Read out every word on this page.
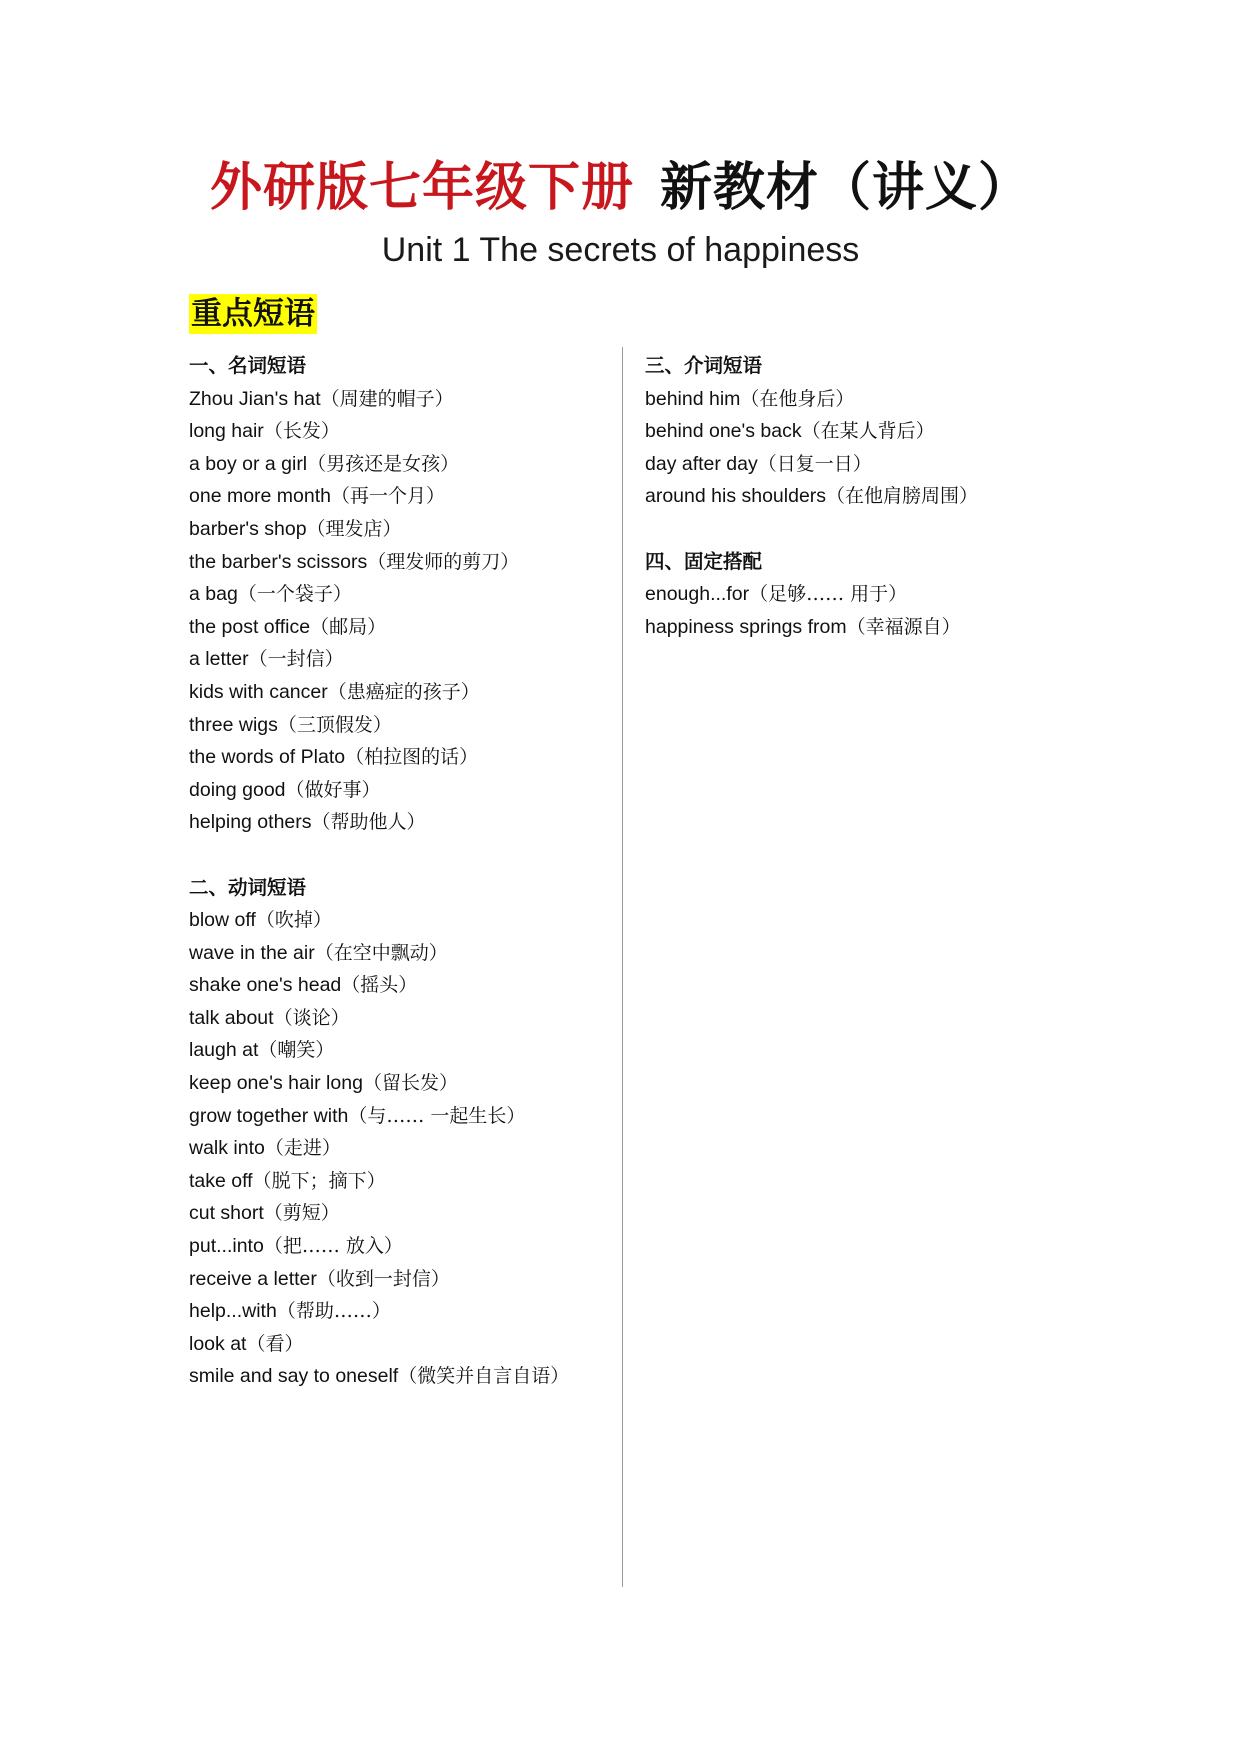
外研版七年级下册 新教材（讲义）
Unit 1 The secrets of happiness
重点短语
一、名词短语
Zhou Jian's hat（周建的帽子）
long hair（长发）
a boy or a girl（男孩还是女孩）
one more month（再一个月）
barber's shop（理发店）
the barber's scissors（理发师的剪刀）
a bag（一个袋子）
the post office（邮局）
a letter（一封信）
kids with cancer（患癌症的孩子）
three wigs（三顶假发）
the words of Plato（柏拉图的话）
doing good（做好事）
helping others（帮助他人）
二、动词短语
blow off（吹掉）
wave in the air（在空中飘动）
shake one's head（摇头）
talk about（谈论）
laugh at（嘲笑）
keep one's hair long（留长发）
grow together with（与…… 一起生长）
walk into（走进）
take off（脱下；摘下）
cut short（剪短）
put...into（把…… 放入）
receive a letter（收到一封信）
help...with（帮助……）
look at（看）
smile and say to oneself（微笑并自言自语）
三、介词短语
behind him（在他身后）
behind one's back（在某人背后）
day after day（日复一日）
around his shoulders（在他肩膀周围）
四、固定搭配
enough...for（足够…… 用于）
happiness springs from（幸福源自）
